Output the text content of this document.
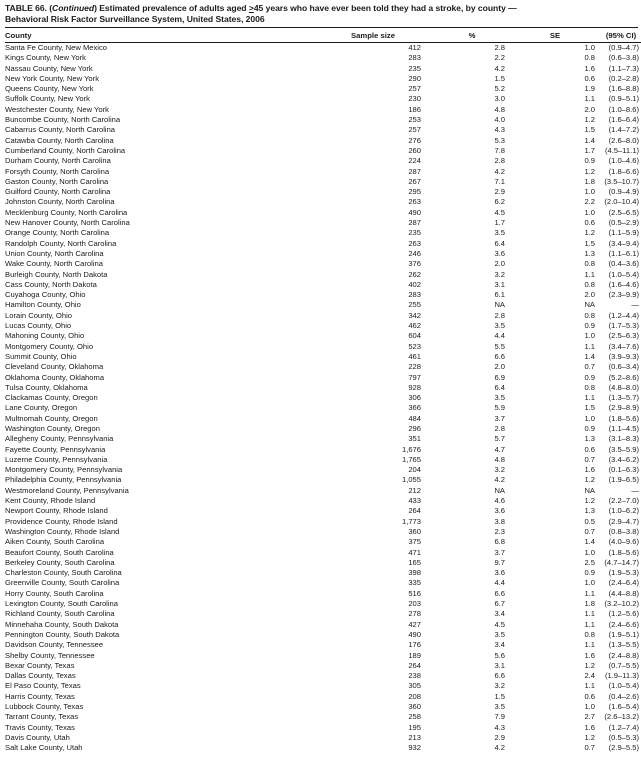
TABLE 66. (Continued) Estimated prevalence of adults aged ≥45 years who have ever been told they had a stroke, by county —
Behavioral Risk Factor Surveillance System, United States, 2006
County	Sample size	%	SE	(95% CI)
Santa Fe County, New Mexico	412	2.8	1.0	(0.9–4.7)
Kings County, New York	283	2.2	0.8	(0.6–3.8)
Nassau County, New York	235	4.2	1.6	(1.1–7.3)
New York County, New York	290	1.5	0.6	(0.2–2.8)
Queens County, New York	257	5.2	1.9	(1.6–8.8)
Suffolk County, New York	230	3.0	1.1	(0.9–5.1)
Westchester County, New York	186	4.8	2.0	(1.0–8.6)
Buncombe County, North Carolina	253	4.0	1.2	(1.6–6.4)
Cabarrus County, North Carolina	257	4.3	1.5	(1.4–7.2)
Catawba County, North Carolina	276	5.3	1.4	(2.6–8.0)
Cumberland County, North Carolina	260	7.8	1.7	(4.5–11.1)
Durham County, North Carolina	224	2.8	0.9	(1.0–4.6)
Forsyth County, North Carolina	287	4.2	1.2	(1.8–6.6)
Gaston County, North Carolina	267	7.1	1.8	(3.5–10.7)
Guilford County, North Carolina	295	2.9	1.0	(0.9–4.9)
Johnston County, North Carolina	263	6.2	2.2	(2.0–10.4)
Mecklenburg County, North Carolina	490	4.5	1.0	(2.5–6.5)
New Hanover County, North Carolina	287	1.7	0.6	(0.5–2.9)
Orange County, North Carolina	235	3.5	1.2	(1.1–5.9)
Randolph County, North Carolina	263	6.4	1.5	(3.4–9.4)
Union County, North Carolina	246	3.6	1.3	(1.1–6.1)
Wake County, North Carolina	376	2.0	0.8	(0.4–3.6)
Burleigh County, North Dakota	262	3.2	1.1	(1.0–5.4)
Cass County, North Dakota	402	3.1	0.8	(1.6–4.6)
Cuyahoga County, Ohio	283	6.1	2.0	(2.3–9.9)
Hamilton County, Ohio	255	NA	NA	—
Lorain County, Ohio	342	2.8	0.8	(1.2–4.4)
Lucas County, Ohio	462	3.5	0.9	(1.7–5.3)
Mahoning County, Ohio	604	4.4	1.0	(2.5–6.3)
Montgomery County, Ohio	523	5.5	1.1	(3.4–7.6)
Summit County, Ohio	461	6.6	1.4	(3.9–9.3)
Cleveland County, Oklahoma	228	2.0	0.7	(0.6–3.4)
Oklahoma County, Oklahoma	797	6.9	0.9	(5.2–8.6)
Tulsa County, Oklahoma	928	6.4	0.8	(4.8–8.0)
Clackamas County, Oregon	306	3.5	1.1	(1.3–5.7)
Lane County, Oregon	366	5.9	1.5	(2.9–8.9)
Multnomah County, Oregon	484	3.7	1.0	(1.8–5.6)
Washington County, Oregon	296	2.8	0.9	(1.1–4.5)
Allegheny County, Pennsylvania	351	5.7	1.3	(3.1–8.3)
Fayette County, Pennsylvania	1,676	4.7	0.6	(3.5–5.9)
Luzerne County, Pennsylvania	1,765	4.8	0.7	(3.4–6.2)
Montgomery County, Pennsylvania	204	3.2	1.6	(0.1–6.3)
Philadelphia County, Pennsylvania	1,055	4.2	1.2	(1.9–6.5)
Westmoreland County, Pennsylvania	212	NA	NA	—
Kent County, Rhode Island	433	4.6	1.2	(2.2–7.0)
Newport County, Rhode Island	264	3.6	1.3	(1.0–6.2)
Providence County, Rhode Island	1,773	3.8	0.5	(2.9–4.7)
Washington County, Rhode Island	360	2.3	0.7	(0.8–3.8)
Aiken County, South Carolina	375	6.8	1.4	(4.0–9.6)
Beaufort County, South Carolina	471	3.7	1.0	(1.8–5.6)
Berkeley County, South Carolina	165	9.7	2.5	(4.7–14.7)
Charleston County, South Carolina	398	3.6	0.9	(1.9–5.3)
Greenville County, South Carolina	335	4.4	1.0	(2.4–6.4)
Horry County, South Carolina	516	6.6	1.1	(4.4–8.8)
Lexington County, South Carolina	203	6.7	1.8	(3.2–10.2)
Richland County, South Carolina	278	3.4	1.1	(1.2–5.6)
Minnehaha County, South Dakota	427	4.5	1.1	(2.4–6.6)
Pennington County, South Dakota	490	3.5	0.8	(1.9–5.1)
Davidson County, Tennessee	176	3.4	1.1	(1.3–5.5)
Shelby County, Tennessee	189	5.6	1.6	(2.4–8.8)
Bexar County, Texas	264	3.1	1.2	(0.7–5.5)
Dallas County, Texas	238	6.6	2.4	(1.9–11.3)
El Paso County, Texas	305	3.2	1.1	(1.0–5.4)
Harris County, Texas	208	1.5	0.6	(0.4–2.6)
Lubbock County, Texas	360	3.5	1.0	(1.6–5.4)
Tarrant County, Texas	258	7.9	2.7	(2.6–13.2)
Travis County, Texas	195	4.3	1.6	(1.2–7.4)
Davis County, Utah	213	2.9	1.2	(0.5–5.3)
Salt Lake County, Utah	932	4.2	0.7	(2.9–5.5)
